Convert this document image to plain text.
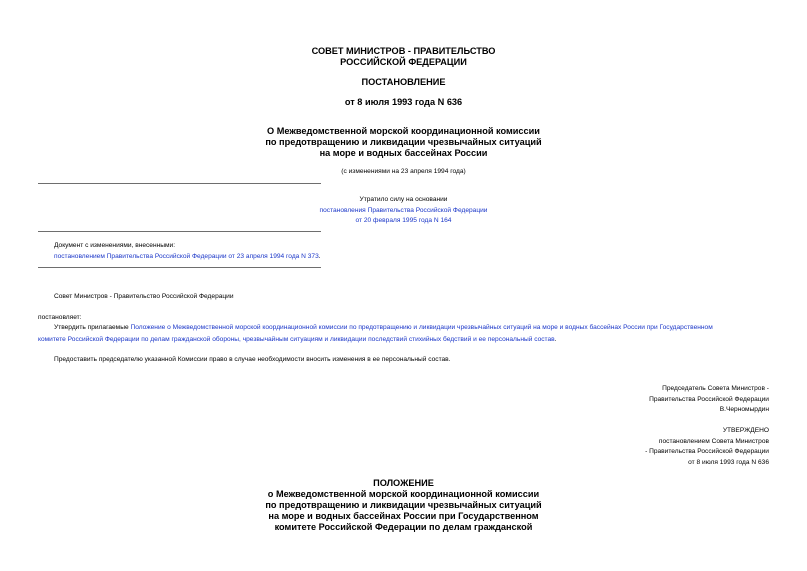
СОВЕТ МИНИСТРОВ - ПРАВИТЕЛЬСТВО
РОССИЙСКОЙ ФЕДЕРАЦИИ
ПОСТАНОВЛЕНИЕ
от 8 июля 1993 года N 636
О Межведомственной морской координационной комиссии
по предотвращению и ликвидации чрезвычайных ситуаций
на море и водных бассейнах России
(с изменениями на 23 апреля 1994 года)
Утратило силу на основании
постановления Правительства Российской Федерации
от 20 февраля 1995 года N 164
Документ с изменениями, внесенными:
постановлением Правительства Российской Федерации от 23 апреля 1994 года N 373.
Совет Министров - Правительство Российской Федерации
постановляет:
Утвердить прилагаемые Положение о Межведомственной морской координационной комиссии по предотвращению и ликвидации чрезвычайных ситуаций на море и водных бассейнах России при Государственном
комитете Российской Федерации по делам гражданской обороны, чрезвычайным ситуациям и ликвидации последствий стихийных бедствий и ее персональный состав.
Предоставить председателю указанной Комиссии право в случае необходимости вносить изменения в ее персональный состав.
Председатель Совета Министров -
Правительства Российской Федерации
В.Черномырдин
УТВЕРЖДЕНО
постановлением Совета Министров
- Правительства Российской Федерации
от 8 июля 1993 года N 636
ПОЛОЖЕНИЕ
о Межведомственной морской координационной комиссии
по предотвращению и ликвидации чрезвычайных ситуаций
на море и водных бассейнах России при Государственном
комитете Российской Федерации по делам гражданской
